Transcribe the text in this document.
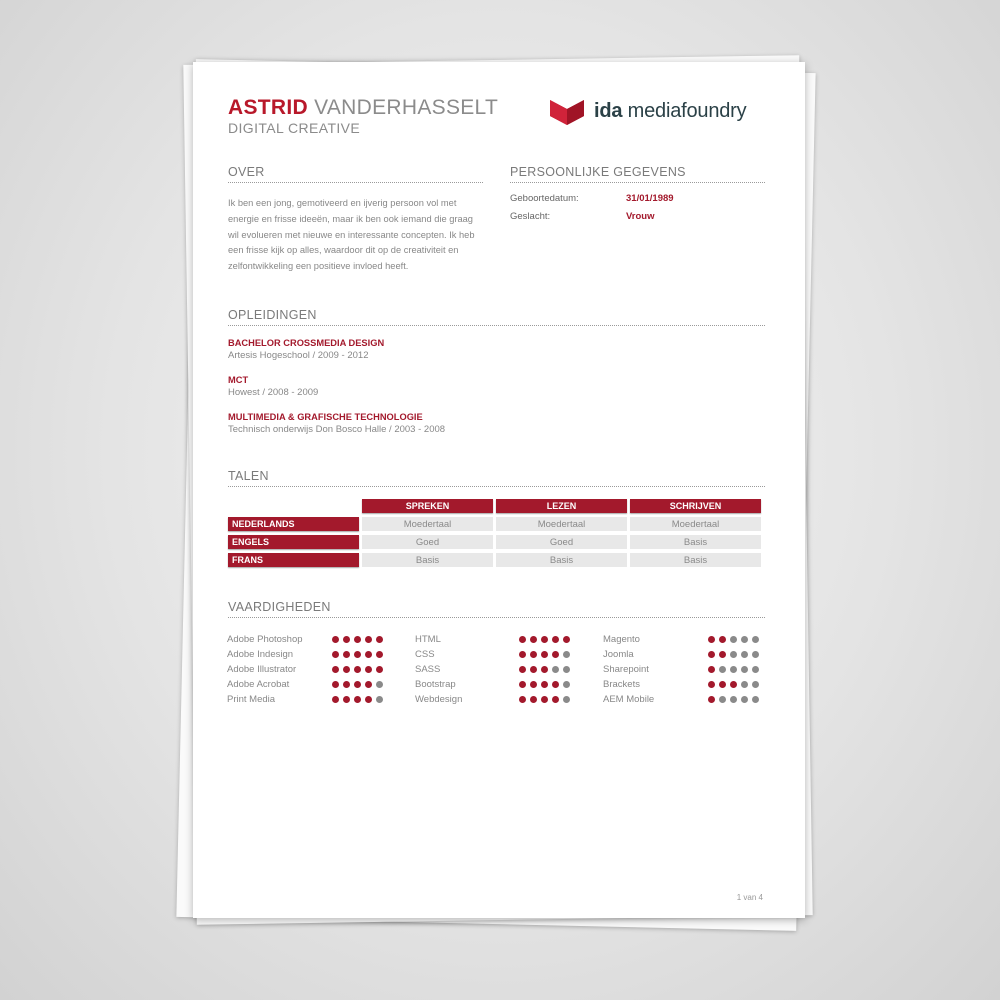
ASTRID VANDERHASSELT
DIGITAL CREATIVE
ida mediafoundry
OVER
Ik ben een jong, gemotiveerd en ijverig persoon vol met energie en frisse ideeën, maar ik ben ook iemand die graag wil evolueren met nieuwe en interessante concepten. Ik heb een frisse kijk op alles, waardoor dit op de creativiteit en zelfontwikkeling een positieve invloed heeft.
PERSOONLIJKE GEGEVENS
Geboortedatum:	31/01/1989
Geslacht:	Vrouw
OPLEIDINGEN
BACHELOR CROSSMEDIA DESIGN
Artesis Hogeschool / 2009 - 2012
MCT
Howest / 2008 - 2009
MULTIMEDIA & GRAFISCHE TECHNOLOGIE
Technisch onderwijs Don Bosco Halle / 2003 - 2008
TALEN
	SPREKEN	LEZEN	SCHRIJVEN
NEDERLANDS	Moedertaal	Moedertaal	Moedertaal
ENGELS	Goed	Goed	Basis
FRANS	Basis	Basis	Basis
VAARDIGHEDEN
Adobe Photoshop
Adobe Indesign
Adobe Illustrator
Adobe Acrobat
Print Media
HTML
CSS
SASS
Bootstrap
Webdesign
Magento
Joomla
Sharepoint
Brackets
AEM Mobile
1 van 4
